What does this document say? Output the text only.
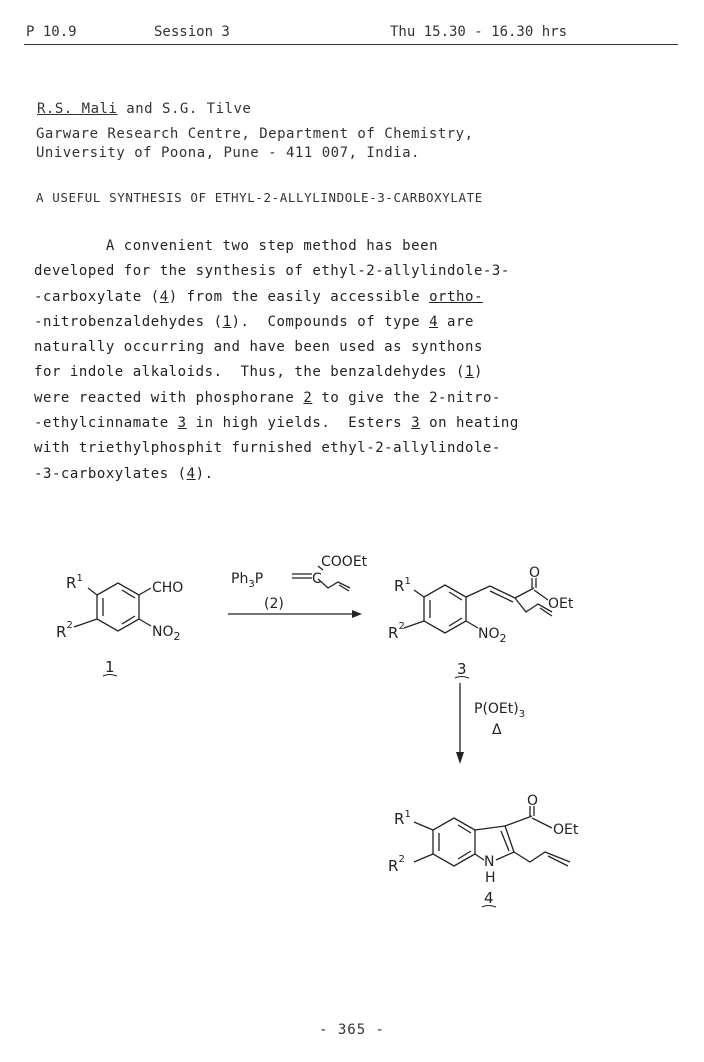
P 10.9	Session 3	Thu 15.30 - 16.30 hrs
R.S. Mali and S.G. Tilve
Garware Research Centre, Department of Chemistry,
University of Poona, Pune - 411 007, India.
A USEFUL SYNTHESIS OF ETHYL-2-ALLYLINDOLE-3-CARBOXYLATE
A convenient two step method has been
developed for the synthesis of ethyl-2-allylindole-3-
-carboxylate (4) from the easily accessible ortho-
-nitrobenzaldehydes (1).  Compounds of type 4 are
naturally occurring and have been used as synthons
for indole alkaloids.  Thus, the benzaldehydes (1)
were reacted with phosphorane 2 to give the 2-nitro-
-ethylcinnamate 3 in high yields.  Esters 3 on heating
with triethylphosphit furnished ethyl-2-allylindole-
-3-carboxylates (4).
$R^1$
$R^2$
CHO
$NO_2$
1
$Ph_3P$	C
COOEt
(2)
$R^1$
$R^2$
O
OEt
$NO_2$
3
$P(OEt)_3$
Δ
$R^1$
$R^2$
O
OEt
N
H
4
- 365 -
